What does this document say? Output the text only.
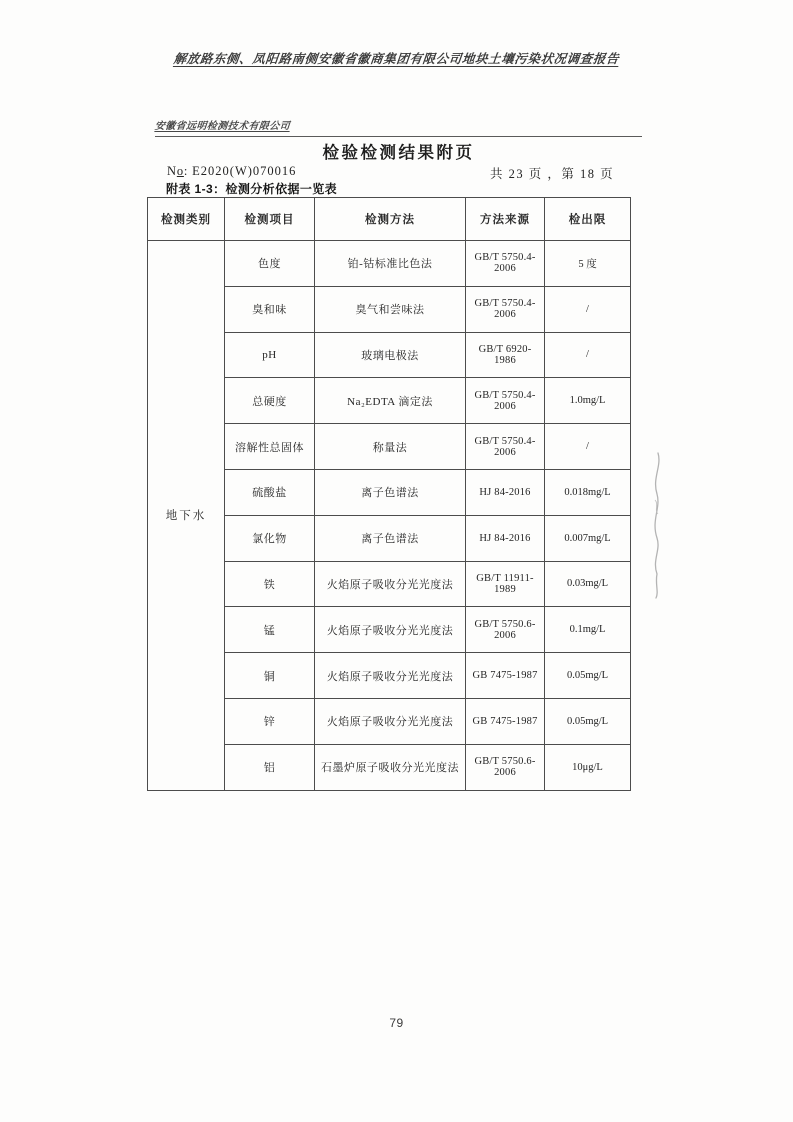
解放路东侧、凤阳路南侧安徽省徽商集团有限公司地块土壤污染状况调查报告
安徽省远明检测技术有限公司
检验检测结果附页
No: E2020(W)070016	共 23 页 ，第 18 页
附表 1-3：检测分析依据一览表
检测类别	检测项目	检测方法	方法来源	检出限
地下水	色度	铂-钴标准比色法	GB/T 5750.4-2006	5 度
	臭和味	臭气和尝味法	GB/T 5750.4-2006	/
	pH	玻璃电极法	GB/T 6920-1986	/
	总硬度	Na₂EDTA 滴定法	GB/T 5750.4-2006	1.0mg/L
	溶解性总固体	称量法	GB/T 5750.4-2006	/
	硫酸盐	离子色谱法	HJ 84-2016	0.018mg/L
	氯化物	离子色谱法	HJ 84-2016	0.007mg/L
	铁	火焰原子吸收分光光度法	GB/T 11911-1989	0.03mg/L
	锰	火焰原子吸收分光光度法	GB/T 5750.6-2006	0.1mg/L
	铜	火焰原子吸收分光光度法	GB 7475-1987	0.05mg/L
	锌	火焰原子吸收分光光度法	GB 7475-1987	0.05mg/L
	铝	石墨炉原子吸收分光光度法	GB/T 5750.6-2006	10μg/L
79
